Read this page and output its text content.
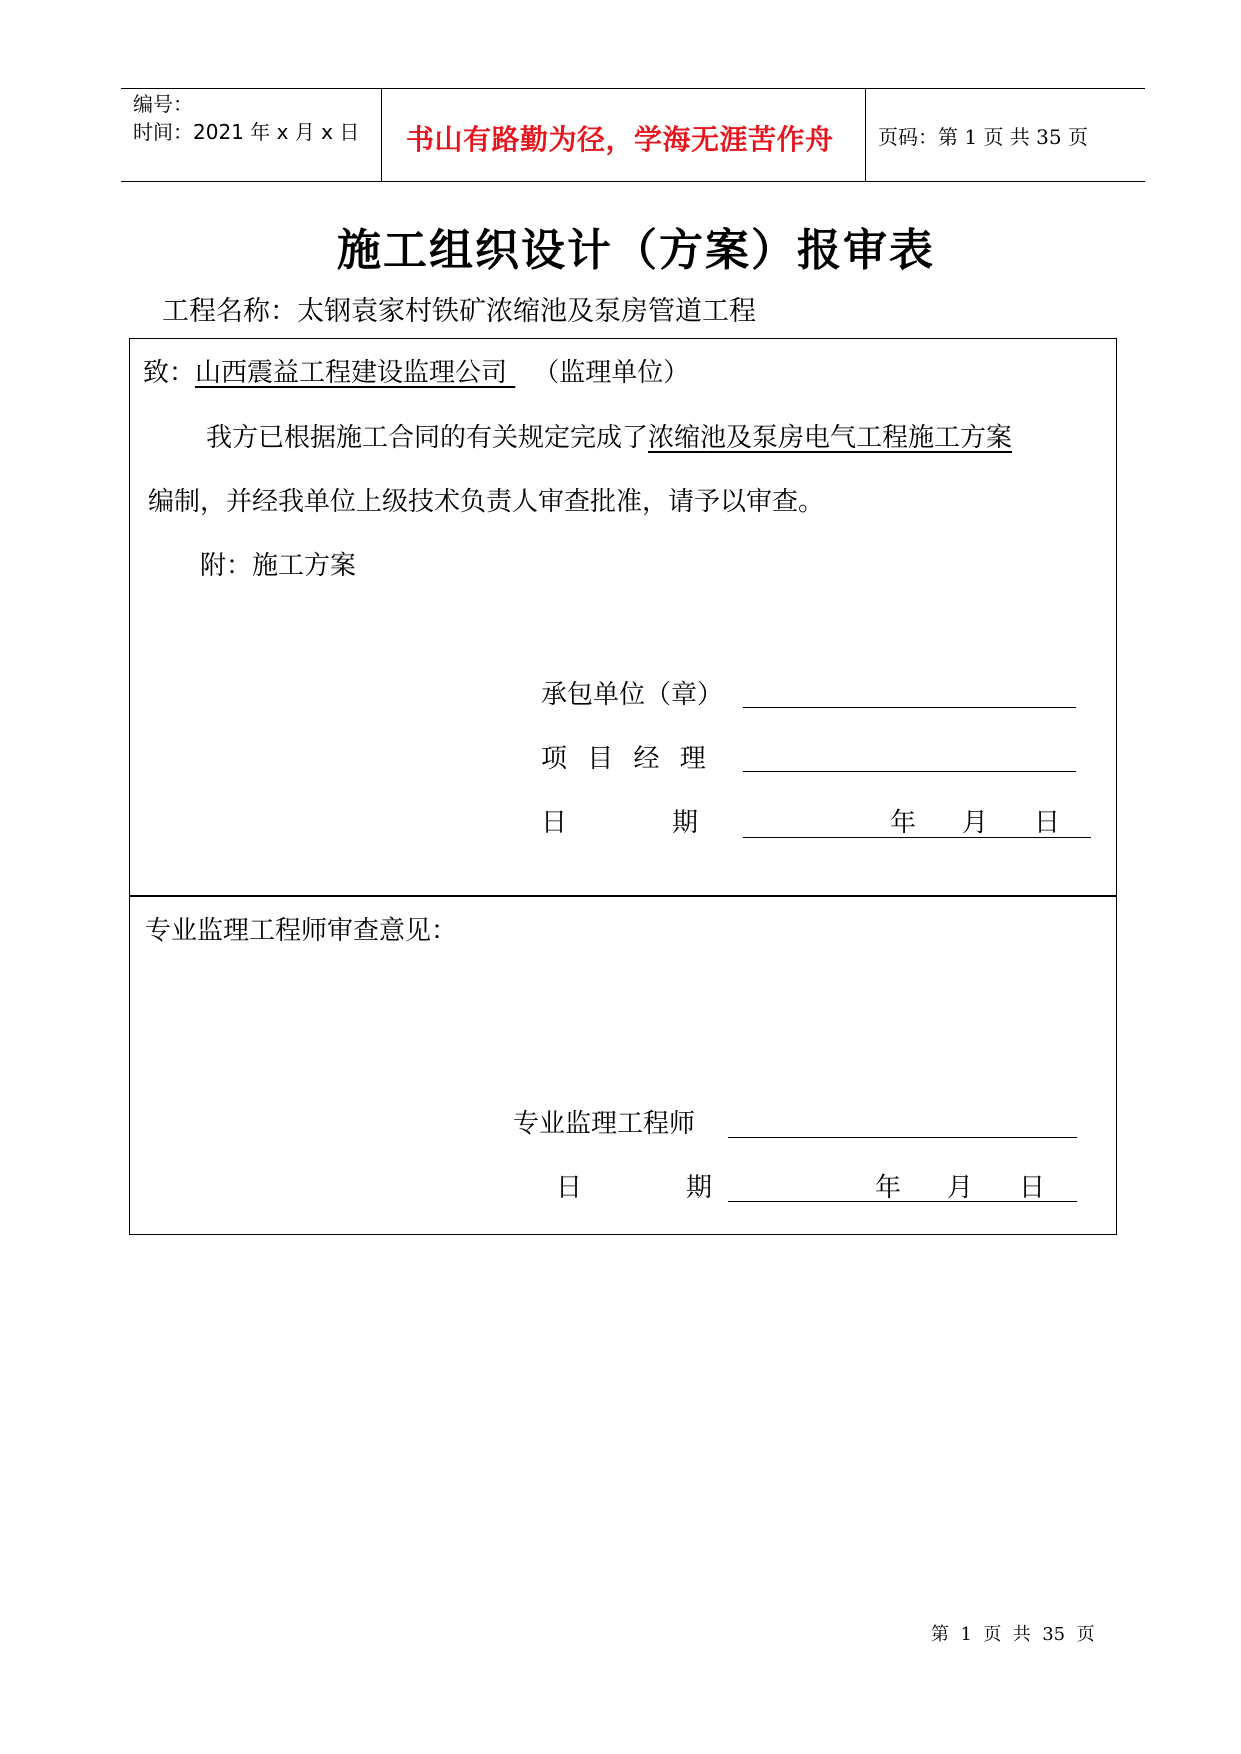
编号：
时间：2021 年 x 月 x 日 书山有路勤为径，学海无涯苦作舟 页码：第 1 页 共 35 页
施工组织设计（方案）报审表
工程名称：太钢袁家村铁矿浓缩池及泵房管道工程
致：山西震益工程建设监理公司 （监理单位）
我方已根据施工合同的有关规定完成了浓缩池及泵房电气工程施工方案
编制，并经我单位上级技术负责人审查批准，请予以审查。
附：施工方案
承包单位（章）
项 目 经 理
日	期	年 月 日
专业监理工程师审查意见：
专业监理工程师
日	期	年 月 日
第  1  页  共  35  页
